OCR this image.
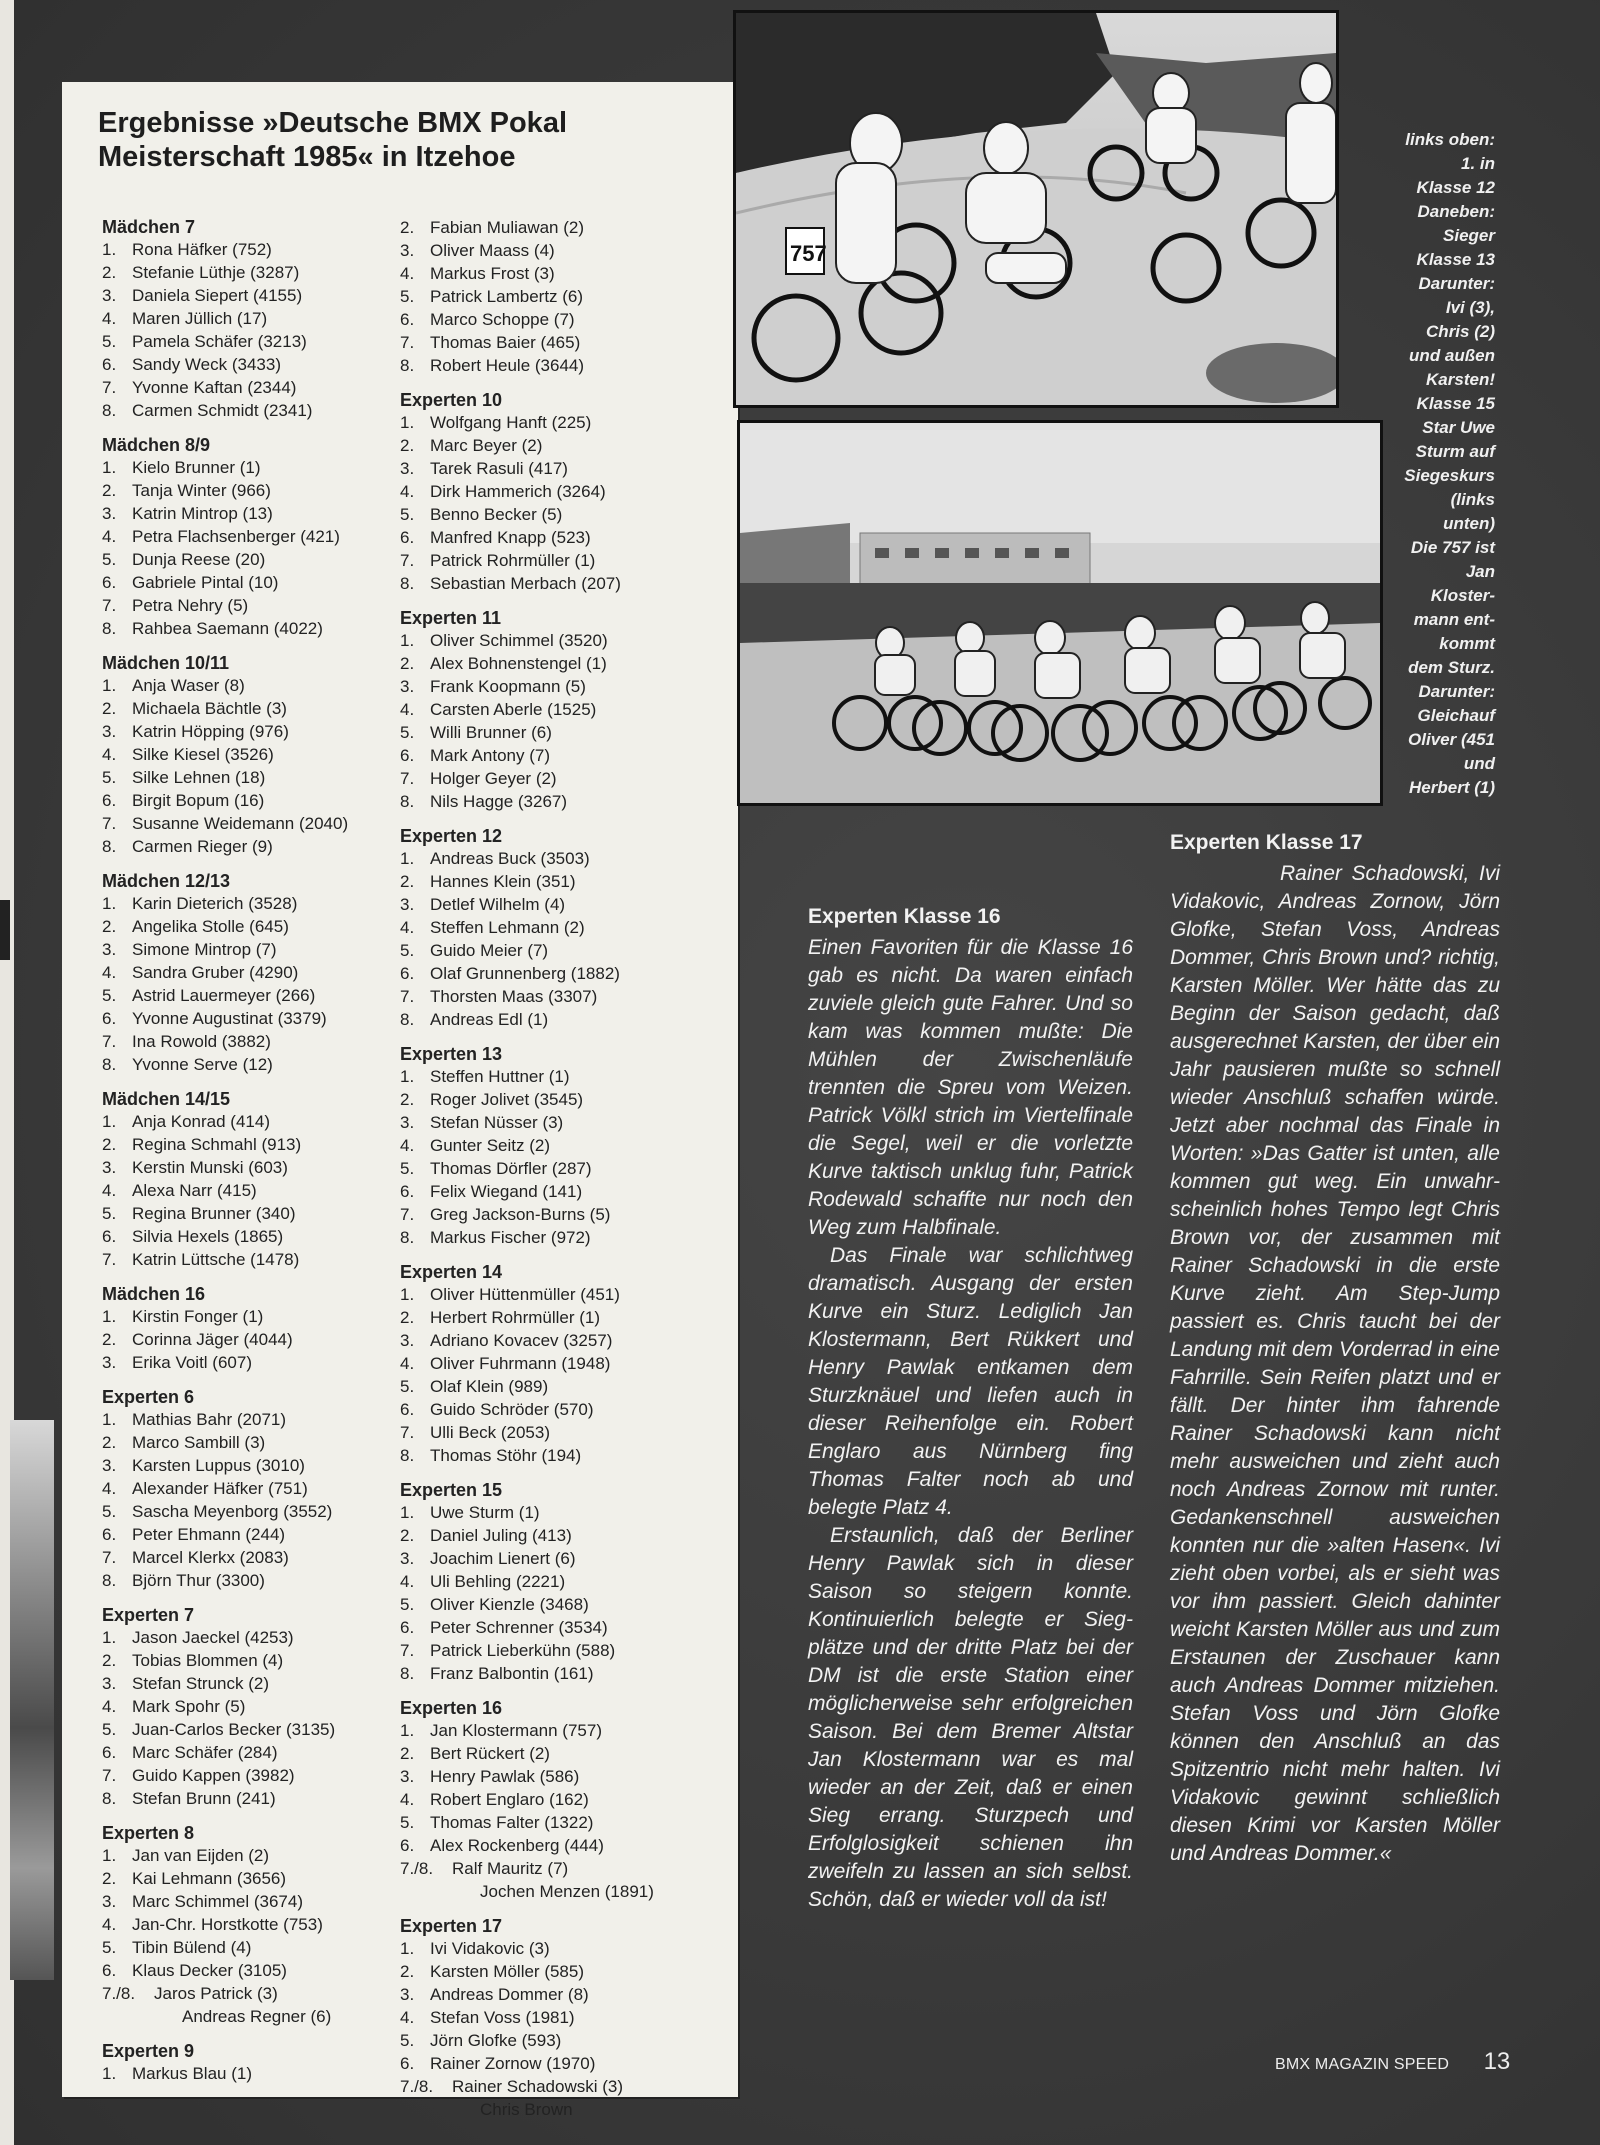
Ergebnisse »Deutsche BMX Pokal
Meisterschaft 1985« in Itzehoe
Mädchen 7
1. Rona Häfker (752)
2. Stefanie Lüthje (3287)
3. Daniela Siepert (4155)
4. Maren Jüllich (17)
5. Pamela Schäfer (3213)
6. Sandy Weck (3433)
7. Yvonne Kaftan (2344)
8. Carmen Schmidt (2341)
Mädchen 8/9
1. Kielo Brunner (1)
2. Tanja Winter (966)
3. Katrin Mintrop (13)
4. Petra Flachsenberger (421)
5. Dunja Reese (20)
6. Gabriele Pintal (10)
7. Petra Nehry (5)
8. Rahbea Saemann (4022)
Mädchen 10/11
1. Anja Waser (8)
2. Michaela Bächtle (3)
3. Katrin Höpping (976)
4. Silke Kiesel (3526)
5. Silke Lehnen (18)
6. Birgit Bopum (16)
7. Susanne Weidemann (2040)
8. Carmen Rieger (9)
Mädchen 12/13
1. Karin Dieterich (3528)
2. Angelika Stolle (645)
3. Simone Mintrop (7)
4. Sandra Gruber (4290)
5. Astrid Lauermeyer (266)
6. Yvonne Augustinat (3379)
7. Ina Rowold (3882)
8. Yvonne Serve (12)
Mädchen 14/15
1. Anja Konrad (414)
2. Regina Schmahl (913)
3. Kerstin Munski (603)
4. Alexa Narr (415)
5. Regina Brunner (340)
6. Silvia Hexels (1865)
7. Katrin Lüttsche (1478)
Mädchen 16
1. Kirstin Fonger (1)
2. Corinna Jäger (4044)
3. Erika Voitl (607)
Experten 6
1. Mathias Bahr (2071)
2. Marco Sambill (3)
3. Karsten Luppus (3010)
4. Alexander Häfker (751)
5. Sascha Meyenborg (3552)
6. Peter Ehmann (244)
7. Marcel Klerkx (2083)
8. Björn Thur (3300)
Experten 7
1. Jason Jaeckel (4253)
2. Tobias Blommen (4)
3. Stefan Strunck (2)
4. Mark Spohr (5)
5. Juan-Carlos Becker (3135)
6. Marc Schäfer (284)
7. Guido Kappen (3982)
8. Stefan Brunn (241)
Experten 8
1. Jan van Eijden (2)
2. Kai Lehmann (3656)
3. Marc Schimmel (3674)
4. Jan-Chr. Horstkotte (753)
5. Tibin Bülend (4)
6. Klaus Decker (3105)
7./8.	Jaros Patrick (3)
Andreas Regner (6)
Experten 9
1. Markus Blau (1)
2. Fabian Muliawan (2)
3. Oliver Maass (4)
4. Markus Frost (3)
5. Patrick Lambertz (6)
6. Marco Schoppe (7)
7. Thomas Baier (465)
8. Robert Heule (3644)
Experten 10
1. Wolfgang Hanft (225)
2. Marc Beyer (2)
3. Tarek Rasuli (417)
4. Dirk Hammerich (3264)
5. Benno Becker (5)
6. Manfred Knapp (523)
7. Patrick Rohrmüller (1)
8. Sebastian Merbach (207)
Experten 11
1. Oliver Schimmel (3520)
2. Alex Bohnenstengel (1)
3. Frank Koopmann (5)
4. Carsten Aberle (1525)
5. Willi Brunner (6)
6. Mark Antony (7)
7. Holger Geyer (2)
8. Nils Hagge (3267)
Experten 12
1. Andreas Buck (3503)
2. Hannes Klein (351)
3. Detlef Wilhelm (4)
4. Steffen Lehmann (2)
5. Guido Meier (7)
6. Olaf Grunnenberg (1882)
7. Thorsten Maas (3307)
8. Andreas Edl (1)
Experten 13
1. Steffen Huttner (1)
2. Roger Jolivet (3545)
3. Stefan Nüsser (3)
4. Gunter Seitz (2)
5. Thomas Dörfler (287)
6. Felix Wiegand (141)
7. Greg Jackson-Burns (5)
8. Markus Fischer (972)
Experten 14
1. Oliver Hüttenmüller (451)
2. Herbert Rohrmüller (1)
3. Adriano Kovacev (3257)
4. Oliver Fuhrmann (1948)
5. Olaf Klein (989)
6. Guido Schröder (570)
7. Ulli Beck (2053)
8. Thomas Stöhr (194)
Experten 15
1. Uwe Sturm (1)
2. Daniel Juling (413)
3. Joachim Lienert (6)
4. Uli Behling (2221)
5. Oliver Kienzle (3468)
6. Peter Schrenner (3534)
7. Patrick Lieberkühn (588)
8. Franz Balbontin (161)
Experten 16
1. Jan Klostermann (757)
2. Bert Rückert (2)
3. Henry Pawlak (586)
4. Robert Englaro (162)
5. Thomas Falter (1322)
6. Alex Rockenberg (444)
7./8.	Ralf Mauritz (7)
Jochen Menzen (1891)
Experten 17
1. Ivi Vidakovic (3)
2. Karsten Möller (585)
3. Andreas Dommer (8)
4. Stefan Voss (1981)
5. Jörn Glofke (593)
6. Rainer Zornow (1970)
7./8.	Rainer Schadowski (3)
Chris Brown
757
links oben:
1. in
Klasse 12
Daneben:
Sieger
Klasse 13
Darunter:
Ivi (3),
Chris (2)
und außen
Karsten!
Klasse 15
Star Uwe
Sturm auf
Siegeskurs
(links
unten)
Die 757 ist
Jan
Kloster-
mann ent-
kommt
dem Sturz.
Darunter:
Gleichauf
Oliver (451
und
Herbert (1)
Experten Klasse 16

Einen Favoriten für die Klasse 16 gab es nicht. Da waren einfach zuviele gleich gute Fahrer. Und so kam was kommen mußte: Die Mühlen der Zwischenläufe trennten die Spreu vom Weizen. Patrick Völkl strich im Viertelfinale die Segel, weil er die vorletzte Kurve taktisch unklug fuhr, Patrick Rodewald schaffte nur noch den Weg zum Halbfinale.

Das Finale war schlichtweg dramatisch. Ausgang der ersten Kurve ein Sturz. Lediglich Jan Klostermann, Bert Rükkert und Henry Pawlak entkamen dem Sturzknäuel und liefen auch in dieser Reihenfolge ein. Robert Englaro aus Nürnberg fing Thomas Falter noch ab und belegte Platz 4.

Erstaunlich, daß der Berliner Henry Pawlak sich in dieser Saison so steigern konnte. Kontinuierlich belegte er Siegplätze und der dritte Platz bei der DM ist die erste Station einer möglicherweise sehr erfolgreichen Saison. Bei dem Bremer Altstar Jan Klostermann war es mal wieder an der Zeit, daß er einen Sieg errang. Sturzpech und Erfolglosigkeit schienen ihn zweifeln zu lassen an sich selbst. Schön, daß er wieder voll da ist!

Experten Klasse 17

Rainer Schadowski, Ivi Vidakovic, Andreas Zornow, Jörn Glofke, Stefan Voss, Andreas Dommer, Chris Brown und? richtig, Karsten Möller. Wer hätte das zu Beginn der Saison gedacht, daß ausgerechnet Karsten, der über ein Jahr pausieren mußte so schnell wieder Anschluß schaffen würde. Jetzt aber nochmal das Finale in Worten: »Das Gatter ist unten, alle kommen gut weg. Ein unwahrscheinlich hohes Tempo legt Chris Brown vor, der zusammen mit Rainer Schadowski in die erste Kurve zieht. Am Step-Jump passiert es. Chris taucht bei der Landung mit dem Vorderrad in eine Fahrrille. Sein Reifen platzt und er fällt. Der hinter ihm fahrende Rainer Schadowski kann nicht mehr ausweichen und zieht auch noch Andreas Zornow mit runter. Gedankenschnell ausweichen konnten nur die »alten Hasen«. Ivi zieht oben vorbei, als er sieht was vor ihm passiert. Gleich dahinter weicht Karsten Möller aus und zum Erstaunen der Zuschauer kann auch Andreas Dommer mitziehen. Stefan Voss und Jörn Glofke können den Anschluß an das Spitzentrio nicht mehr halten. Ivi Vidakovic gewinnt schließlich diesen Krimi vor Karsten Möller und Andreas Dommer.«

BMX MAGAZIN SPEED 13
